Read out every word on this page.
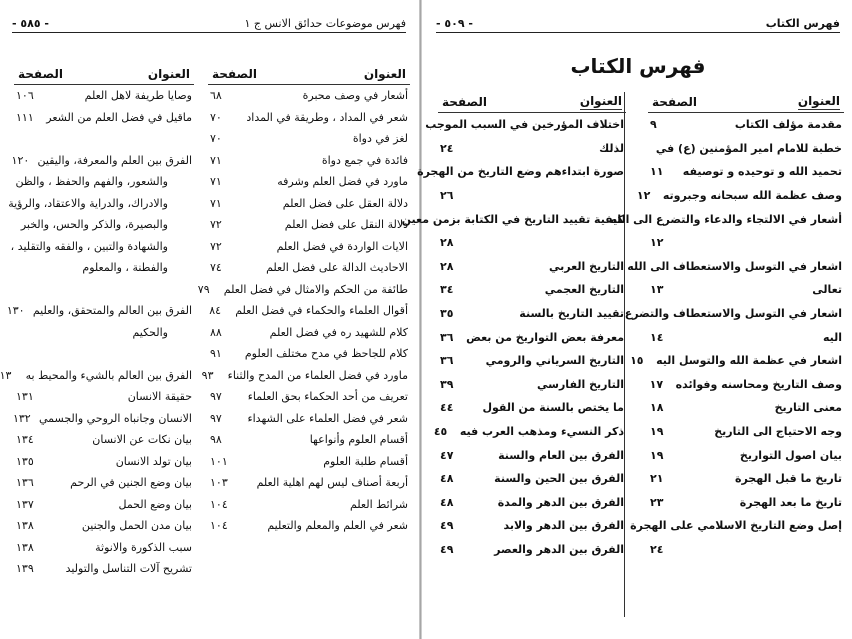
فهرس موضوعات حدائق الانس ج ١
- ٥٨٥ -
العنوان
الصفحة
أشعار في وصف محبرة
٦٨
شعر في المداد ، وطريقة في المداد
٧٠
لغز في دواة
٧٠
فائدة في جمع دواة
٧١
ماورد في فضل العلم وشرفه
٧١
دلالة العقل على فضل العلم
٧١
دلالة النقل على فضل العلم
٧٢
الايات الواردة في فضل العلم
٧٢
الاحاديث الدالة على فضل العلم
٧٤
طائفة من الحكم والامثال في فضل العلم
٧٩
أقوال العلماء والحكماء في فضل العلم
٨٤
كلام للشهيد ره في فضل العلم
٨٨
كلام للجاحظ في مدح مختلف العلوم
٩١
ماورد في فضل العلماء من المدح والثناء
٩٣
تعريف من أحد الحكماء بحق العلماء
٩٧
شعر في فضل العلماء على الشهداء
٩٧
أقسام العلوم وأنواعها
٩٨
أقسام طلبة العلوم
١٠١
أربعة أصناف ليس لهم اهلية العلم
١٠٣
شرائط العلم
١٠٤
شعر في العلم والمعلم والتعليم
١٠٤
العنوان
الصفحة
وصايا طريفة لاهل العلم
١٠٦
ماقيل في فضل العلم من الشعر
١١١
الفرق بين العلم والمعرفة، واليقين
١٢٠
والشعور، والفهم والحفظ ، والظن
والادراك، والدراية والاعتقاد، والرؤية
والبصيرة، والذكر والحس، والخبر
والشهادة والتبين ، والفقه والتقليد ،
والفطنة ، والمعلوم
الفرق بين العالم والمتحقق، والعليم
١٣٠
والحكيم
الفرق بين العالم بالشيء والمحيط به
١٣
حقيقة الانسان
١٣١
الانسان وجانباه الروحي والجسمي
١٣٢
بيان نكات عن الانسان
١٣٤
بيان تولد الانسان
١٣٥
بيان وضع الجنين في الرحم
١٣٦
بيان وضع الحمل
١٣٧
بيان مدن الحمل والجنين
١٣٨
سبب الذكورة والانوثة
١٣٨
تشريح آلات التناسل والتوليد
١٣٩
فهرس الكتاب
- ٥٠٩ -
فهرس الكتاب
العنوان
الصفحة
مقدمة مؤلف الكتاب
٩
خطبة للامام امير المؤمنين (ع) في
تحميد الله و توحيده و توصيفه
١١
وصف عظمة الله سبحانه وجبروته
١٢
أشعار في الالتجاء والدعاء والتضرع الى الله
١٢
اشعار في التوسل والاستعطاف الى الله
تعالى
١٣
اشعار في التوسل والاستعطاف والتضرع
اليه
١٤
اشعار في عظمة الله والتوسل اليه
١٥
وصف التاريخ ومحاسنه وفوائده
١٧
معنى التاريخ
١٨
وجه الاحتياج الى التاريخ
١٩
بيان اصول التواريخ
١٩
تاريخ ما قبل الهجرة
٢١
تاريخ ما بعد الهجرة
٢٣
إصل وضع التاريخ الاسلامي على الهجرة
٢٤
العنوان
الصفحة
اختلاف المؤرخين في السبب الموجب
لذلك
٢٤
صورة ابتداءهم وضع التاريخ من الهجرة
٢٦
كيفية تقييد التاريخ في الكتابة بزمن معين
٢٨
التاريخ العربي
٢٨
التاريخ العجمي
٣٤
تقييد التاريخ بالسنة
٣٥
معرفة بعض التواريخ من بعض
٣٦
التاريخ السرياني والرومي
٣٦
التاريخ الفارسي
٣٩
ما يختص بالسنة من القول
٤٤
ذكر النسيء ومذهب العرب فيه
٤٥
الفرق بين العام والسنة
٤٧
الفرق بين الحين والسنة
٤٨
الفرق بين الدهر والمدة
٤٨
الفرق بين الدهر والابد
٤٩
الفرق بين الدهر والعصر
٤٩
